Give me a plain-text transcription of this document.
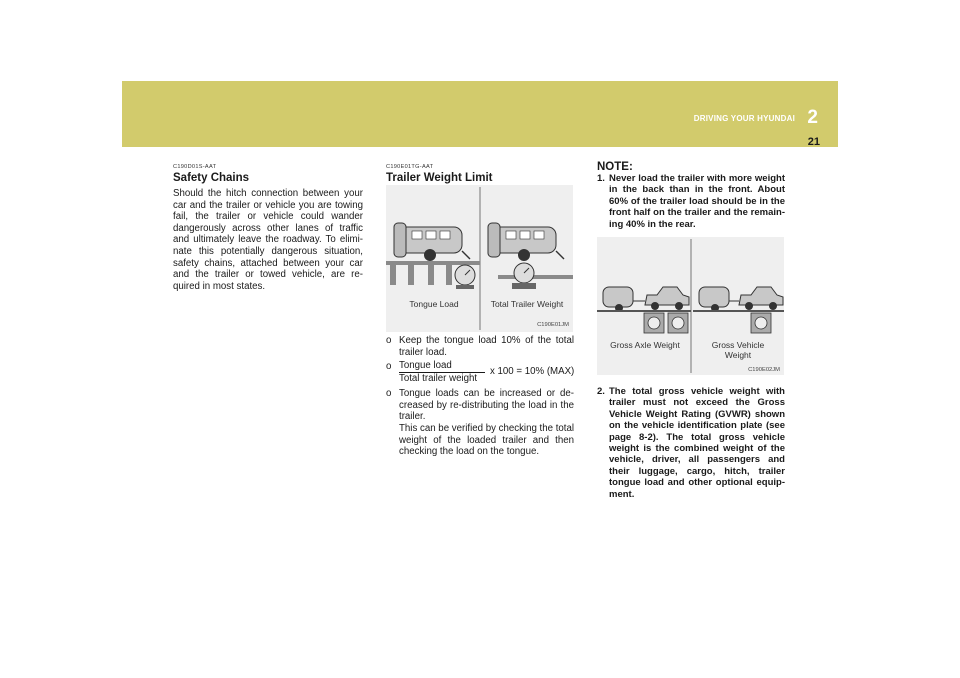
DRIVING YOUR HYUNDAI 2
21
C190D01S-AAT
Safety Chains

Should the hitch connection between your car and the trailer or vehicle you are towing fail, the trailer or vehicle could wander dangerously across other lanes of traffic and ultimately leave the roadway. To elimi-nate this potentially dangerous situation, safety chains, attached between your car and the trailer or towed vehicle, are re-quired in most states.

C190E01TG-AAT
Trailer Weight Limit
Tongue Load	Total Trailer Weight
C190E01JM
o Keep the tongue load 10% of the total trailer load.
o Tongue load
Total trailer weight
x 100 = 10% (MAX)
o Tongue loads can be increased or de-creased by re-distributing the load in the trailer.
This can be verified by checking the total weight of the loaded trailer and then checking the load on the tongue.
NOTE:
1. Never load the trailer with more weight in the back than in the front. About 60% of the trailer load should be in the front half on the trailer and the remain-ing 40% in the rear.
Gross Axle Weight	Gross Vehicle Weight
C190E02JM
2. The total gross vehicle weight with trailer must not exceed the Gross Vehicle Weight Rating (GVWR) shown on the vehicle identification plate (see page 8-2). The total gross vehicle weight is the combined weight of the vehicle, driver, all passengers and their luggage, cargo, hitch, trailer tongue load and other optional equip-ment.
